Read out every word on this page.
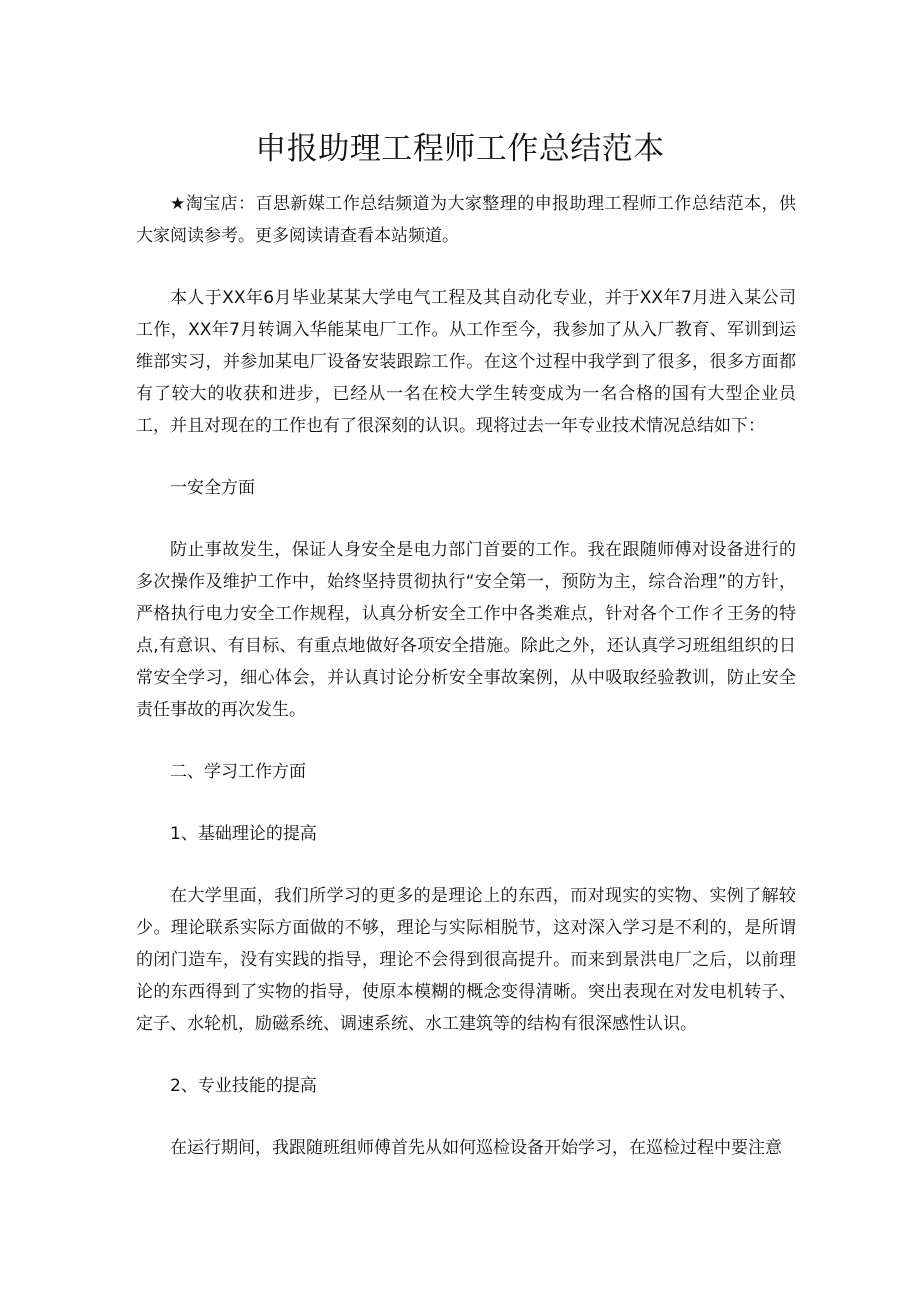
申报助理工程师工作总结范本

★淘宝店：百思新媒工作总结频道为大家整理的申报助理工程师工作总结范本，供大家阅读参考。更多阅读请查看本站频道。

本人于XX年6月毕业某某大学电气工程及其自动化专业，并于XX年7月进入某公司工作，XX年7月转调入华能某电厂工作。从工作至今，我参加了从入厂教育、军训到运维部实习，并参加某电厂设备安装跟踪工作。在这个过程中我学到了很多，很多方面都有了较大的收获和进步，已经从一名在校大学生转变成为一名合格的国有大型企业员工，并且对现在的工作也有了很深刻的认识。现将过去一年专业技术情况总结如下：

一安全方面

防止事故发生，保证人身安全是电力部门首要的工作。我在跟随师傅对设备进行的多次操作及维护工作中，始终坚持贯彻执行“安全第一，预防为主，综合治理”的方针，严格执行电力安全工作规程，认真分析安全工作中各类难点，针对各个工作彳王务的特点,有意识、有目标、有重点地做好各项安全措施。除此之外，还认真学习班组组织的日常安全学习，细心体会，并认真讨论分析安全事故案例，从中吸取经验教训，防止安全责任事故的再次发生。

二、学习工作方面

1、基础理论的提高

在大学里面，我们所学习的更多的是理论上的东西，而对现实的实物、实例了解较少。理论联系实际方面做的不够，理论与实际相脱节，这对深入学习是不利的，是所谓的闭门造车，没有实践的指导，理论不会得到很高提升。而来到景洪电厂之后，以前理论的东西得到了实物的指导，使原本模糊的概念变得清晰。突出表现在对发电机转子、定子、水轮机，励磁系统、调速系统、水工建筑等的结构有很深感性认识。

2、专业技能的提高

在运行期间，我跟随班组师傅首先从如何巡检设备开始学习，在巡检过程中要注意
